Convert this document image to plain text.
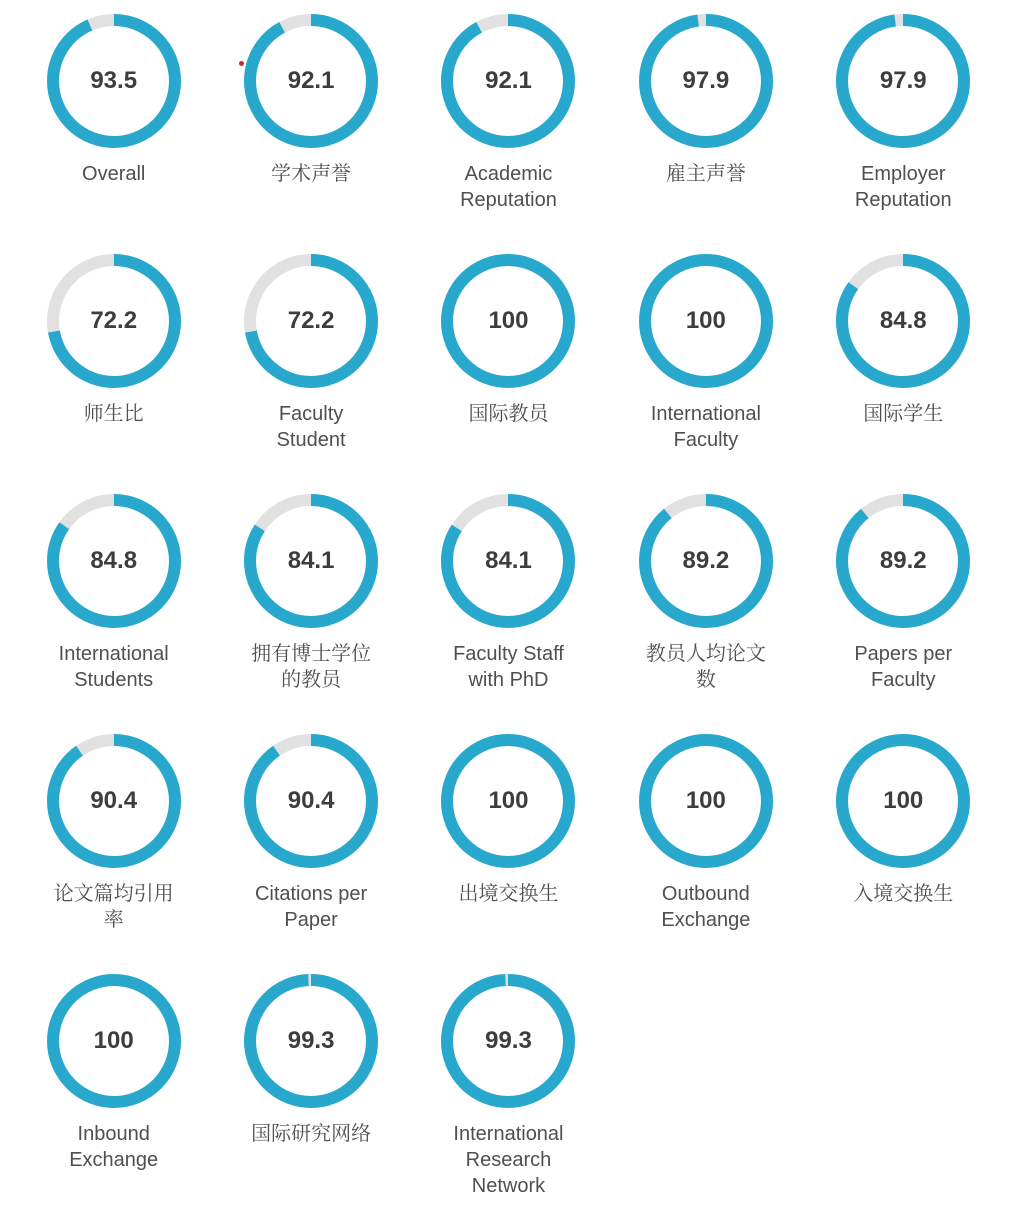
93.5
Overall
92.1
学术声誉
92.1
Academic Reputation
97.9
雇主声誉
97.9
Employer Reputation
72.2
师生比
72.2
Faculty Student
100
国际教员
100
International Faculty
84.8
国际学生
84.8
International Students
84.1
拥有博士学位的教员
84.1
Faculty Staff with PhD
89.2
教员人均论文数
89.2
Papers per Faculty
90.4
论文篇均引用率
90.4
Citations per Paper
100
出境交换生
100
Outbound Exchange
100
入境交换生
100
Inbound Exchange
99.3
国际研究网络
99.3
International Research Network
